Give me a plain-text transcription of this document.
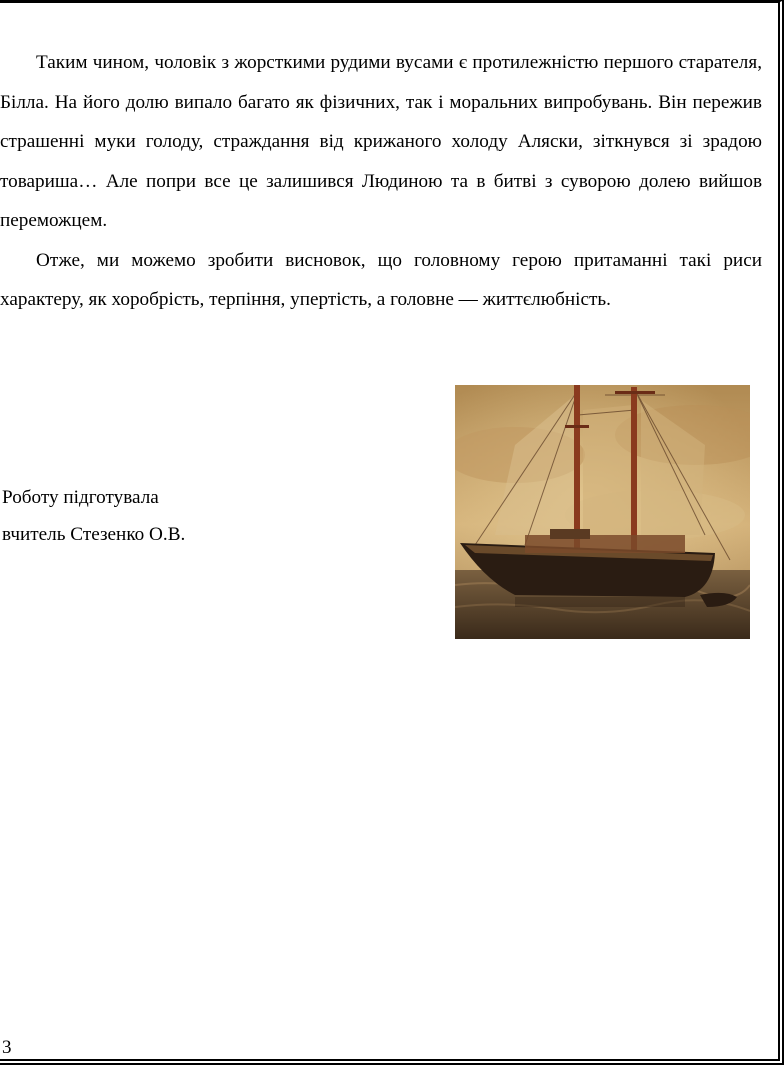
Таким чином, чоловік з жорсткими рудими вусами є протилежністю першого старателя, Білла. На його долю випало багато як фізичних, так і моральних випробувань. Він пережив страшенні муки голоду, страждання від крижаного холоду Аляски, зіткнувся зі зрадою товариша… Але попри все це залишився Людиною та в битві з суворою долею вийшов переможцем.

Отже, ми можемо зробити висновок, що головному герою притаманні такі риси характеру, як хоробрість, терпіння, упертість, а головне — життєлюбність.

Роботу підготувала
вчитель Стезенко О.В.
3
